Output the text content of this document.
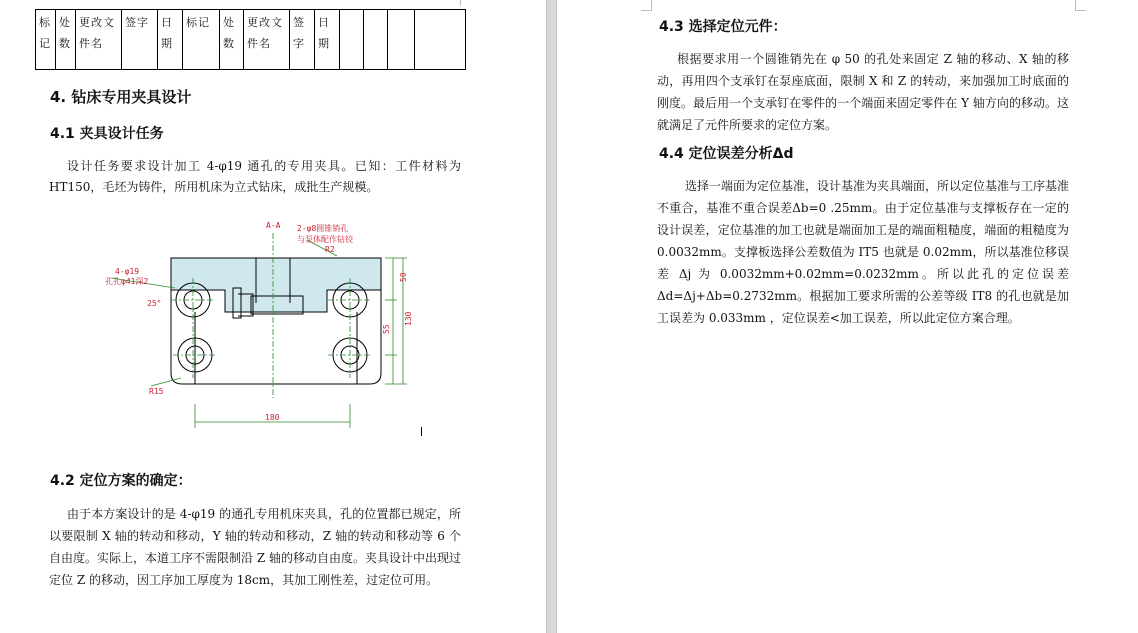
标记	处数	更改文件名	签字	日期	标记	处数	更改文件名	签字	日期				
4. 钻床专用夹具设计
4.1 夹具设计任务
设计任务要求设计加工 4-φ19 通孔的专用夹具。已知：工件材料为 HT150，毛坯为铸件，所用机床为立式钻床，成批生产规模。
A-A 2-φ8圆锥销孔
与泵体配作钻铰
4-φ19
孔孔φ41深2
R2
25°
50
55
130
180
R15
4.2 定位方案的确定：
由于本方案设计的是 4-φ19 的通孔专用机床夹具，孔的位置都已规定，所以要限制 X 轴的转动和移动，Y 轴的转动和移动，Z 轴的转动和移动等 6 个自由度。实际上，本道工序不需限制沿 Z 轴的移动自由度。夹具设计中出现过定位 Z 的移动，因工序加工厚度为 18cm，其加工刚性差，过定位可用。
4.3 选择定位元件：
根据要求用一个圆锥销先在 φ 50 的孔处来固定 Z 轴的移动、X 轴的移动，再用四个支承钉在泵座底面，限制 X 和 Z 的转动，来加强加工时底面的刚度。最后用一个支承钉在零件的一个端面来固定零件在 Y 轴方向的移动。这就满足了元件所要求的定位方案。
4.4 定位误差分析Δd
选择一端面为定位基准，设计基准为夹具端面，所以定位基准与工序基准不重合，基准不重合误差Δb=0 .25mm。由于定位基准与支撑板存在一定的设计误差，定位基准的加工也就是端面加工是的端面粗糙度，端面的粗糙度为 0.0032mm。支撑板选择公差数值为 IT5 也就是 0.02mm，所以基准位移误差 Δj 为 0.0032mm+0.02mm=0.0232mm。所以此孔的定位误差Δd=Δj+Δb=0.2732mm。根据加工要求所需的公差等级 IT8 的孔也就是加工误差为 0.033mm ，定位误差<加工误差，所以此定位方案合理。
